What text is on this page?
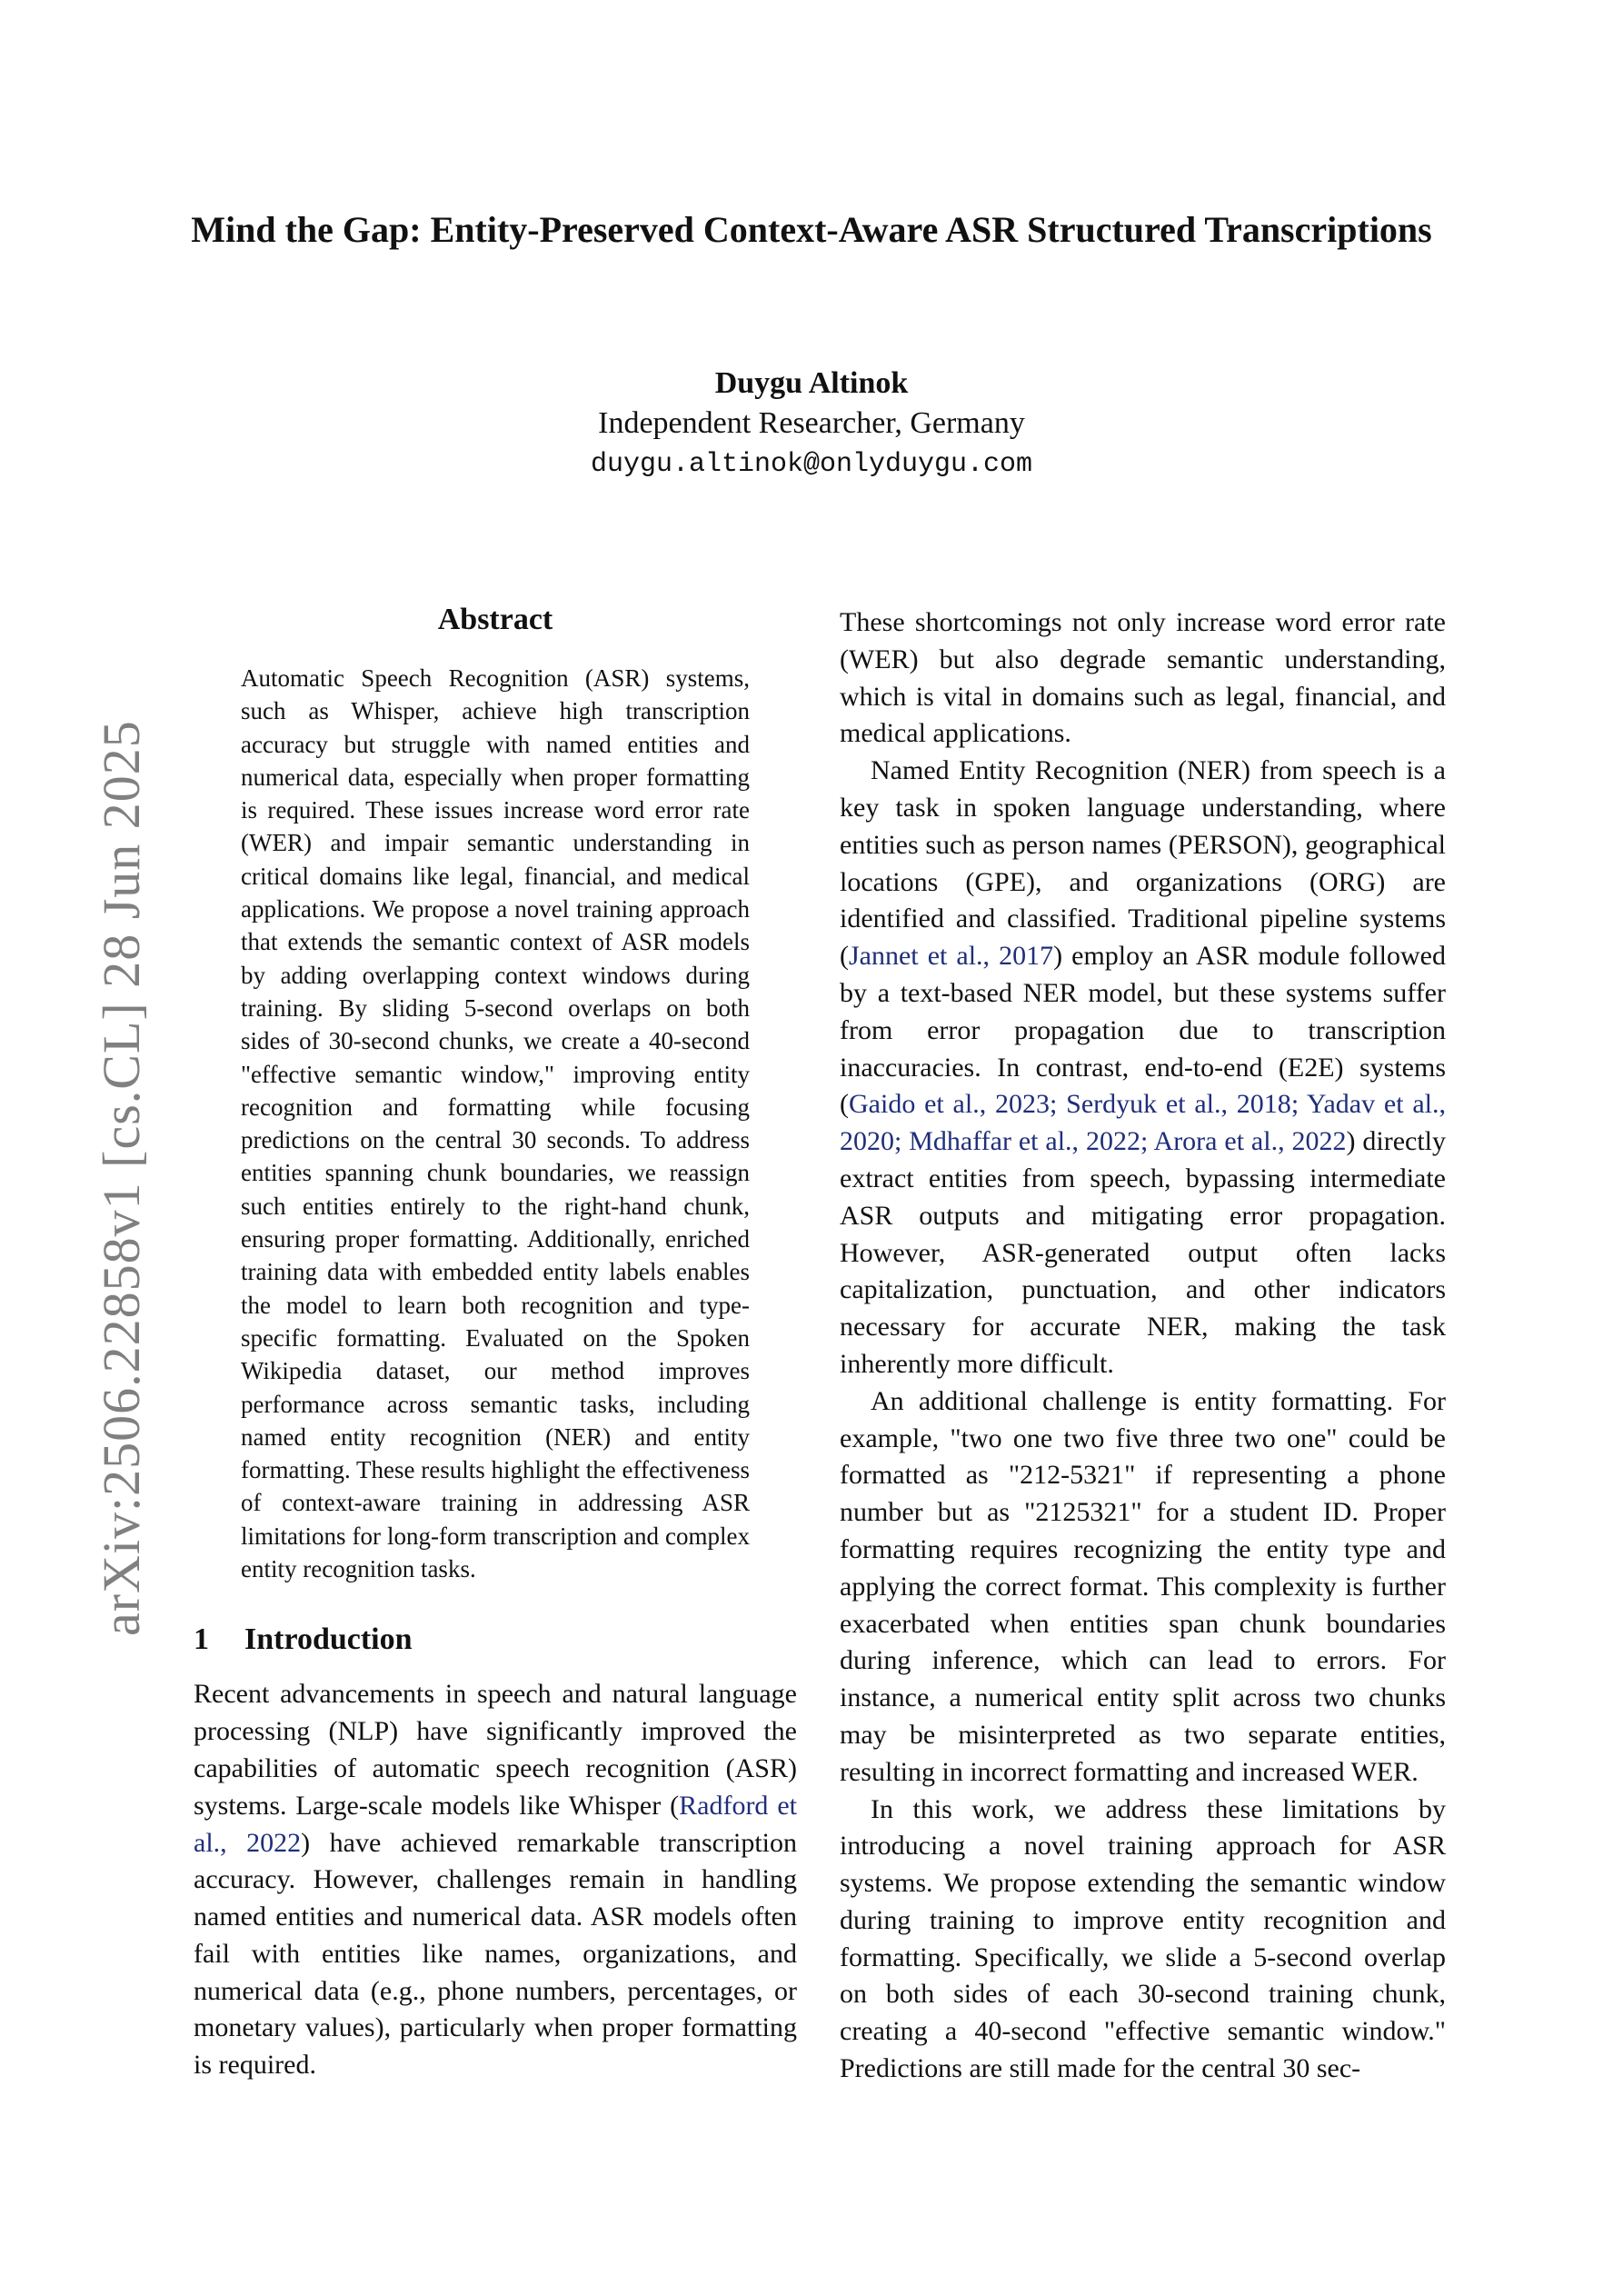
arXiv:2506.22858v1 [cs.CL] 28 Jun 2025
Mind the Gap: Entity-Preserved Context-Aware ASR Structured Transcriptions
Duygu Altinok
Independent Researcher, Germany
duygu.altinok@onlyduygu.com
Abstract

Automatic Speech Recognition (ASR) systems, such as Whisper, achieve high transcription accuracy but struggle with named entities and numerical data, especially when proper formatting is required. These issues increase word error rate (WER) and impair semantic understanding in critical domains like legal, financial, and medical applications. We propose a novel training approach that extends the semantic context of ASR models by adding overlapping context windows during training. By sliding 5-second overlaps on both sides of 30-second chunks, we create a 40-second "effective semantic window," improving entity recognition and formatting while focusing predictions on the central 30 seconds. To address entities spanning chunk boundaries, we reassign such entities entirely to the right-hand chunk, ensuring proper formatting. Additionally, enriched training data with embedded entity labels enables the model to learn both recognition and type-specific formatting. Evaluated on the Spoken Wikipedia dataset, our method improves performance across semantic tasks, including named entity recognition (NER) and entity formatting. These results highlight the effectiveness of context-aware training in addressing ASR limitations for long-form transcription and complex entity recognition tasks.

1 Introduction

Recent advancements in speech and natural language processing (NLP) have significantly improved the capabilities of automatic speech recognition (ASR) systems. Large-scale models like Whisper (Radford et al., 2022) have achieved remarkable transcription accuracy. However, challenges remain in handling named entities and numerical data. ASR models often fail with entities like names, organizations, and numerical data (e.g., phone numbers, percentages, or monetary values), particularly when proper formatting is required.

These shortcomings not only increase word error rate (WER) but also degrade semantic understanding, which is vital in domains such as legal, financial, and medical applications.

Named Entity Recognition (NER) from speech is a key task in spoken language understanding, where entities such as person names (PERSON), geographical locations (GPE), and organizations (ORG) are identified and classified. Traditional pipeline systems (Jannet et al., 2017) employ an ASR module followed by a text-based NER model, but these systems suffer from error propagation due to transcription inaccuracies. In contrast, end-to-end (E2E) systems (Gaido et al., 2023; Serdyuk et al., 2018; Yadav et al., 2020; Mdhaffar et al., 2022; Arora et al., 2022) directly extract entities from speech, bypassing intermediate ASR outputs and mitigating error propagation. However, ASR-generated output often lacks capitalization, punctuation, and other indicators necessary for accurate NER, making the task inherently more difficult.

An additional challenge is entity formatting. For example, "two one two five three two one" could be formatted as "212-5321" if representing a phone number but as "2125321" for a student ID. Proper formatting requires recognizing the entity type and applying the correct format. This complexity is further exacerbated when entities span chunk boundaries during inference, which can lead to errors. For instance, a numerical entity split across two chunks may be misinterpreted as two separate entities, resulting in incorrect formatting and increased WER.

In this work, we address these limitations by introducing a novel training approach for ASR systems. We propose extending the semantic window during training to improve entity recognition and formatting. Specifically, we slide a 5-second overlap on both sides of each 30-second training chunk, creating a 40-second "effective semantic window." Predictions are still made for the central 30 sec-
